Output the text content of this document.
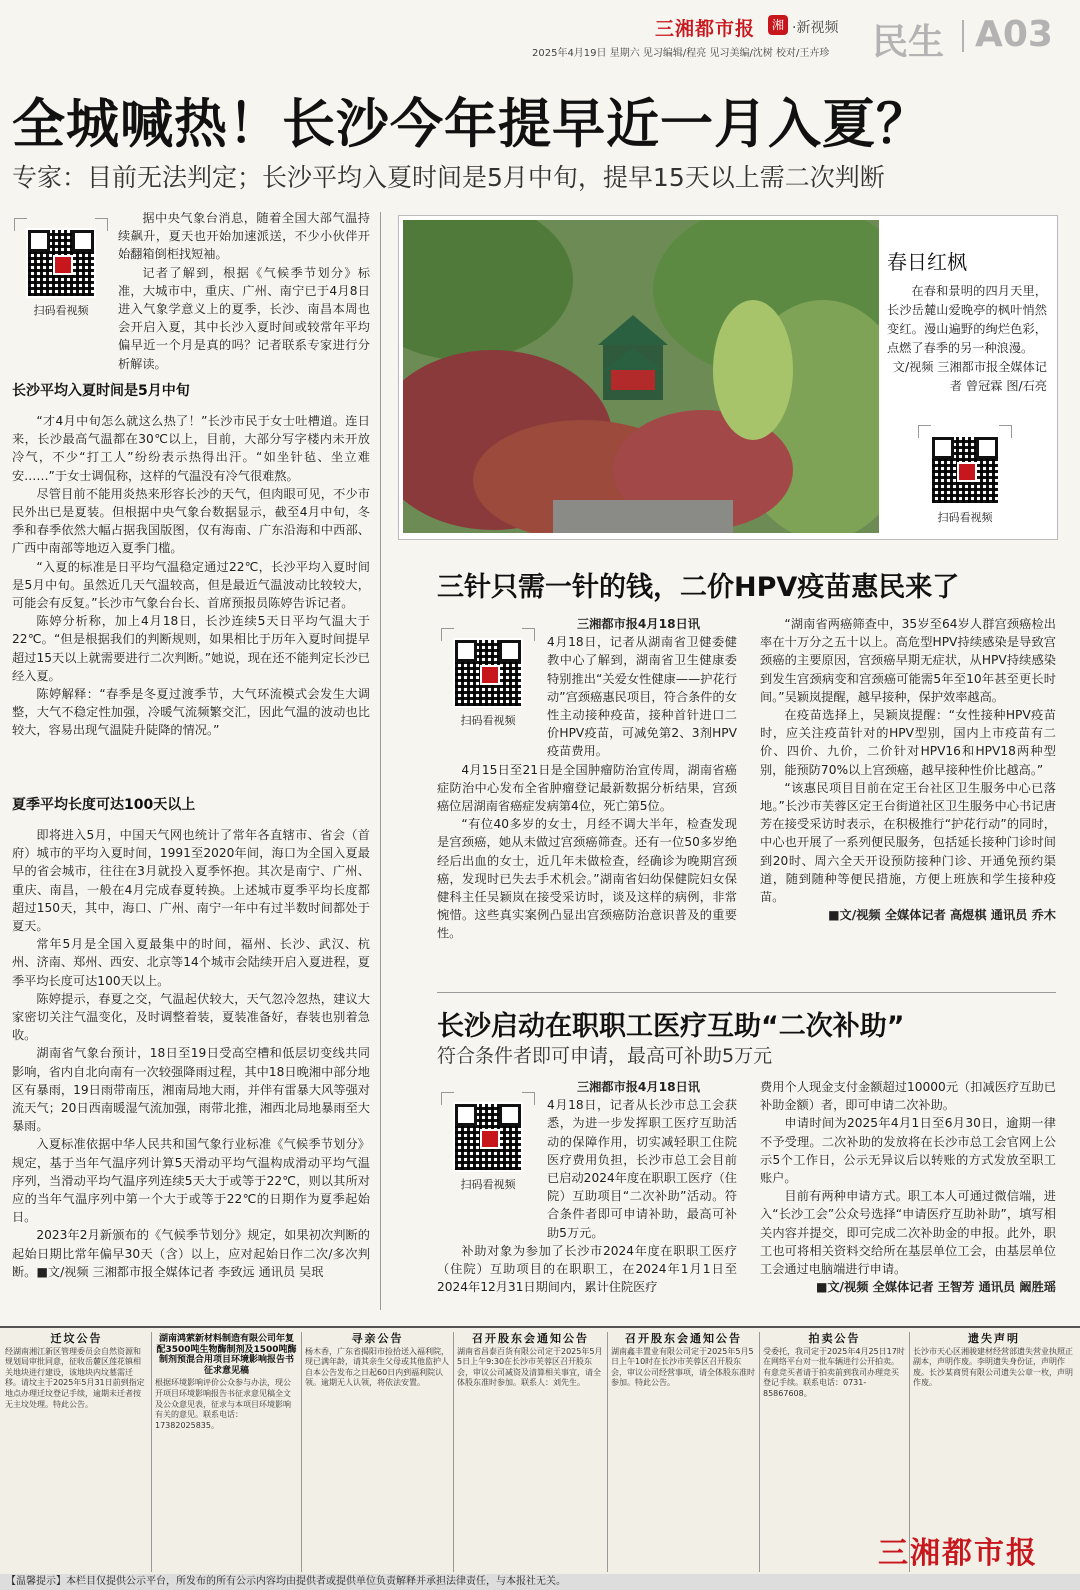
三湘都市报	湘 ·新视频 民生 A03
2025年4月19日 星期六 见习编辑/程亮 见习美编/沈树 校对/王卉珍
全城喊热！长沙今年提早近一月入夏？
专家：目前无法判定；长沙平均入夏时间是5月中旬，提早15天以上需二次判断
扫码看视频

据中央气象台消息，随着全国大部气温持续飙升，夏天也开始加速派送，不少小伙伴开始翻箱倒柜找短袖。

记者了解到，根据《气候季节划分》标准，大城市中，重庆、广州、南宁已于4月8日进入气象学意义上的夏季，长沙、南昌本周也会开启入夏，其中长沙入夏时间或较常年平均偏早近一个月是真的吗？记者联系专家进行分析解读。

长沙平均入夏时间是5月中旬

“才4月中旬怎么就这么热了！”长沙市民于女士吐槽道。连日来，长沙最高气温都在30℃以上，目前，大部分写字楼内未开放冷气，不少“打工人”纷纷表示热得出汗。“如坐针毡、坐立难安……”于女士调侃称，这样的气温没有冷气很难熬。

尽管目前不能用炎热来形容长沙的天气，但肉眼可见，不少市民外出已是夏装。但根据中央气象台数据显示，截至4月中旬，冬季和春季依然大幅占据我国版图，仅有海南、广东沿海和中西部、广西中南部等地迈入夏季门槛。

“入夏的标准是日平均气温稳定通过22℃，长沙平均入夏时间是5月中旬。虽然近几天气温较高，但是最近气温波动比较较大，可能会有反复。”长沙市气象台台长、首席预报员陈婷告诉记者。

陈婷分析称，加上4月18日，长沙连续5天日平均气温大于22℃。“但是根据我们的判断规则，如果相比于历年入夏时间提早超过15天以上就需要进行二次判断。”她说，现在还不能判定长沙已经入夏。

陈婷解释：“春季是冬夏过渡季节，大气环流模式会发生大调整，大气不稳定性加强，冷暖气流频繁交汇，因此气温的波动也比较大，容易出现气温陡升陡降的情况。”

夏季平均长度可达100天以上

即将进入5月，中国天气网也统计了常年各直辖市、省会（首府）城市的平均入夏时间，1991至2020年间，海口为全国入夏最早的省会城市，往往在3月就投入夏季怀抱。其次是南宁、广州、重庆、南昌，一般在4月完成春夏转换。上述城市夏季平均长度都超过150天，其中，海口、广州、南宁一年中有过半数时间都处于夏天。

常年5月是全国入夏最集中的时间，福州、长沙、武汉、杭州、济南、郑州、西安、北京等14个城市会陆续开启入夏进程，夏季平均长度可达100天以上。

陈婷提示，春夏之交，气温起伏较大，天气忽冷忽热，建议大家密切关注气温变化，及时调整着装，夏装准备好，春装也别着急收。

湖南省气象台预计，18日至19日受高空槽和低层切变线共同影响，省内自北向南有一次较强降雨过程，其中18日晚湘中部分地区有暴雨，19日雨带南压，湘南局地大雨，并伴有雷暴大风等强对流天气；20日西南暖湿气流加强，雨带北推，湘西北局地暴雨至大暴雨。

入夏标准依据中华人民共和国气象行业标准《气候季节划分》规定，基于当年气温序列计算5天滑动平均气温构成滑动平均气温序列，当滑动平均气温序列连续5天大于或等于22℃，则以其所对应的当年气温序列中第一个大于或等于22℃的日期作为夏季起始日。

2023年2月新颁布的《气候季节划分》规定，如果初次判断的起始日期比常年偏早30天（含）以上，应对起始日作二次/多次判断。■文/视频 三湘都市报全媒体记者 李致远 通讯员 吴珉

春日红枫

在春和景明的四月天里，长沙岳麓山爱晚亭的枫叶悄然变红。漫山遍野的绚烂色彩，点燃了春季的另一种浪漫。

文/视频 三湘都市报全媒体记者 曾冠霖 图/石亮

扫码看视频
三针只需一针的钱，二价HPV疫苗惠民来了
扫码看视频

三湘都市报4月18日讯

4月18日，记者从湖南省卫健委健教中心了解到，湖南省卫生健康委特别推出“关爱女性健康——护花行动”宫颈癌惠民项目，符合条件的女性主动接种疫苗，接种首针进口二价HPV疫苗，可减免第2、3剂HPV疫苗费用。

4月15日至21日是全国肿瘤防治宣传周，湖南省癌症防治中心发布全省肿瘤登记最新数据分析结果，宫颈癌位居湖南省癌症发病第4位，死亡第5位。

“有位40多岁的女士，月经不调大半年，检查发现是宫颈癌，她从未做过宫颈癌筛查。还有一位50多岁绝经后出血的女士，近几年未做检查，经确诊为晚期宫颈癌，发现时已失去手术机会。”湖南省妇幼保健院妇女保健科主任吴颖岚在接受采访时，谈及这样的病例，非常惋惜。这些真实案例凸显出宫颈癌防治意识普及的重要性。

“湖南省两癌筛查中，35岁至64岁人群宫颈癌检出率在十万分之五十以上。高危型HPV持续感染是导致宫颈癌的主要原因，宫颈癌早期无症状，从HPV持续感染到发生宫颈病变和宫颈癌可能需5年至10年甚至更长时间。”吴颖岚提醒，越早接种，保护效率越高。

在疫苗选择上，吴颖岚提醒：“女性接种HPV疫苗时，应关注疫苗针对的HPV型别，国内上市疫苗有二价、四价、九价，二价针对HPV16和HPV18两种型别，能预防70%以上宫颈癌，越早接种性价比越高。”

“该惠民项目目前在定王台社区卫生服务中心已落地。”长沙市芙蓉区定王台街道社区卫生服务中心书记唐芳在接受采访时表示，在积极推行“护花行动”的同时，中心也开展了一系列便民服务，包括延长接种门诊时间到20时、周六全天开设预防接种门诊、开通免预约渠道，随到随种等便民措施，方便上班族和学生接种疫苗。

■文/视频 全媒体记者 高煜棋 通讯员 乔木

长沙启动在职职工医疗互助“二次补助”
符合条件者即可申请，最高可补助5万元
扫码看视频

三湘都市报4月18日讯

4月18日，记者从长沙市总工会获悉，为进一步发挥职工医疗互助活动的保障作用，切实减轻职工住院医疗费用负担，长沙市总工会目前已启动2024年度在职职工医疗（住院）互助项目“二次补助”活动。符合条件者即可申请补助，最高可补助5万元。

补助对象为参加了长沙市2024年度在职职工医疗（住院）互助项目的在职职工，在2024年1月1日至2024年12月31日期间内，累计住院医疗

费用个人现金支付金额超过10000元（扣减医疗互助已补助金额）者，即可申请二次补助。

申请时间为2025年4月1日至6月30日，逾期一律不予受理。二次补助的发放将在长沙市总工会官网上公示5个工作日，公示无异议后以转账的方式发放至职工账户。

目前有两种申请方式。职工本人可通过微信端，进入“长沙工会”公众号选择“申请医疗互助补助”，填写相关内容并提交，即可完成二次补助金的申报。此外，职工也可将相关资料交给所在基层单位工会，由基层单位工会通过电脑端进行申请。

■文/视频 全媒体记者 王智芳 通讯员 阚胜瑶

迁坟公告
经湖南湘江新区管理委员会自然资源和规划局审批同意，征收岳麓区莲花镇相关地块进行建设，该地块内坟墓需迁移。请坟主于2025年5月31日前到指定地点办理迁坟登记手续，逾期未迁者按无主坟处理。特此公告。
湖南鸿萦新材料制造有限公司年复配3500吨生物酶制剂及1500吨酶制剂预混合用项目环境影响报告书征求意见稿
根据环境影响评价公众参与办法，现公开项目环境影响报告书征求意见稿全文及公众意见表，征求与本项目环境影响有关的意见。联系电话：17382025835。
寻亲公告
杨木香，广东省揭阳市捡拾送入福利院，现已满年龄，请其亲生父母或其他监护人自本公告发布之日起60日内到福利院认领。逾期无人认领，将依法安置。
召开股东会通知公告
湖南省昌泰百货有限公司定于2025年5月5日上午9:30在长沙市芙蓉区召开股东会，审议公司减资及清算相关事宜，请全体股东准时参加。联系人：刘先生。
召开股东会通知公告
湖南鑫丰置业有限公司定于2025年5月5日上午10时在长沙市芙蓉区召开股东会，审议公司经营事项，请全体股东准时参加。特此公告。
拍卖公告
受委托，我司定于2025年4月25日17时在网络平台对一批车辆进行公开拍卖。有意竞买者请于拍卖前到我司办理竞买登记手续。联系电话：0731-85867608。
遗失声明
长沙市天心区湘骏建材经营部遗失营业执照正副本，声明作废。李明遗失身份证，声明作废。长沙某商贸有限公司遗失公章一枚，声明作废。
三湘都市报
【温馨提示】本栏目仅提供公示平台，所发布的所有公示内容均由提供者或提供单位负责解释并承担法律责任，与本报社无关。
